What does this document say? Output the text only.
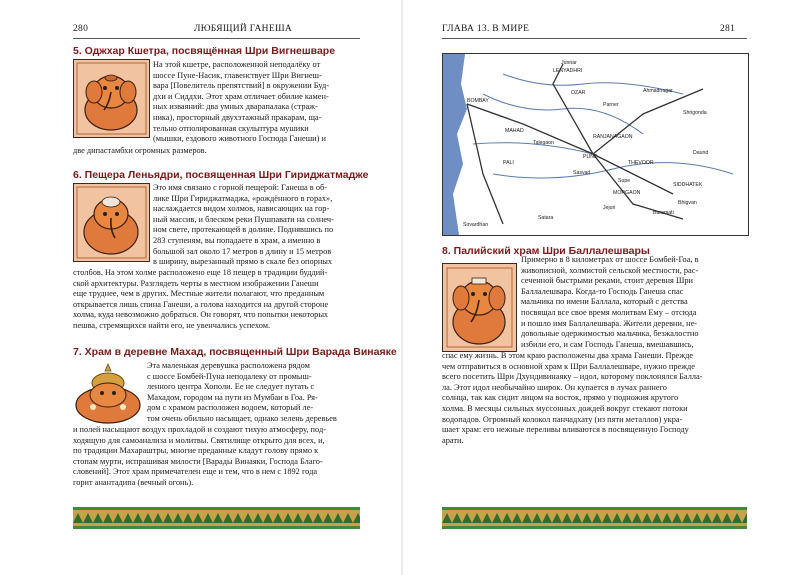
280	ЛЮБЯЩИЙ ГАНЕША
5. Оджхар Кшетра, посвящённая Шри Вигнешваре
На этой кшетре, расположенной неподалёку от
шоссе Пуне-Насик, главенствует Шри Вигнеш-
вара [Повелитель препятствий] в окружении Буд-
дхи и Сиддхи. Этот храм отличает обилие камен-
ных изваяний: два умных дварапалака (страж-
ника), просторный двухэтажный пракарам, ща-
тельно отполированная скульптура мушики
(мышки, ездового животного Господа Ганеши) и
две дипастамбхи огромных размеров.
6. Пещера Леньядри, посвященная Шри Гириджатмадже
Это имя связано с горной пещерой: Ганеша в об-
лике Шри Гириджатмаджа, «рождённого в горах»,
наслаждается видом холмов, нависающих на гор-
ный массив, и блеском реки Пушпавати на солнеч-
ном свете, протекающей в долине. Поднявшись по
283 ступеням, вы попадаете в храм, а именно в
большой зал около 17 метров в длину и 15 метров
в ширину, вырезанный прямо в скале без опорных
столбов. На этом холме расположено еще 18 пещер в традиции буддий-
ской архитектуры. Разглядеть черты в местном изображении Ганеши
еще труднее, чем в других. Местные жители полагают, что преданным
открывается лишь спина Ганеши, а голова находится на другой стороне
холма, куда невозможно добраться. Он говорят, что попытки некоторых
пешва, стремящихся найти его, не увенчались успехом.
7. Храм в деревне Махад, посвященный Шри Варада Винаяке
Эта маленькая деревушка расположена рядом
с шоссе Бомбей-Пуна неподалеку от промыш-
ленного центра Хополи. Ее не следует путать с
Махадом, городом на пути из Мумбаи в Гоа. Ря-
дом с храмом расположен водоем, который ле-
том очень обильно насыщает, однако зелень деревьев
и полей насыщают воздух прохладой и создают тихую атмосферу, под-
ходящую для самоанализа и молитвы. Святилище открыто для всех, и,
по традиции Махараштры, многие преданные кладут голову прямо к
стопам мурти, испрашивая милости [Варады Винаяки, Господа Благо-
словений]. Этот храм примечателен еще и тем, что в нем с 1892 года
горит анантадипа (вечный огонь).
ГЛАВА 13. В МИРЕ	281
LENYADHRI
OZAR
Junnar
Ahmadnagar
Parner
BOMBAY
MAHAD
RANJANAGAON
PUNE
THEVOOR
SIDDHATEK
MORGAON
Baramati
PALI
Talegaon
Supe
Jejuri
Sasvad
Shrigonda
Daund
Bhigvan
Satara
Sirvardhan
8. Палийский храм Шри Баллалешвары
Примерно в 8 километрах от шоссе Бомбей-Гоа, в
живописной, холмистой сельской местности, рас-
сеченной быстрыми реками, стоит деревня Шри
Баллалешвара. Когда-то Господь Ганеша спас
мальчика по имени Баллала, который с детства
посвящал все свое время молитвам Ему – отсюда
и пошло имя Баллалешвара. Жители деревни, не-
довольные одержимостью мальчика, безжалостно
избили его, и сам Господь Ганеша, вмешавшись,
спас ему жизнь. В этом краю расположены два храма Ганеши. Прежде
чем отправиться в основной храм к Шри Баллалешваре, нужно прежде
всего посетить Шри Дхундивинаяку – идол, которому поклонялся Балла-
ла. Этот идол необычайно широк. Он купается в лучах раннего
солнца, так как сидит лицом на восток, прямо у подножия крутого
холма. В месяцы сильных муссонных дождей вокруг стекают потоки
водопадов. Огромный колокол панчадхату (из пяти металлов) укра-
шает храм: его нежные переливы вливаются в посвященную Господу
арати.
